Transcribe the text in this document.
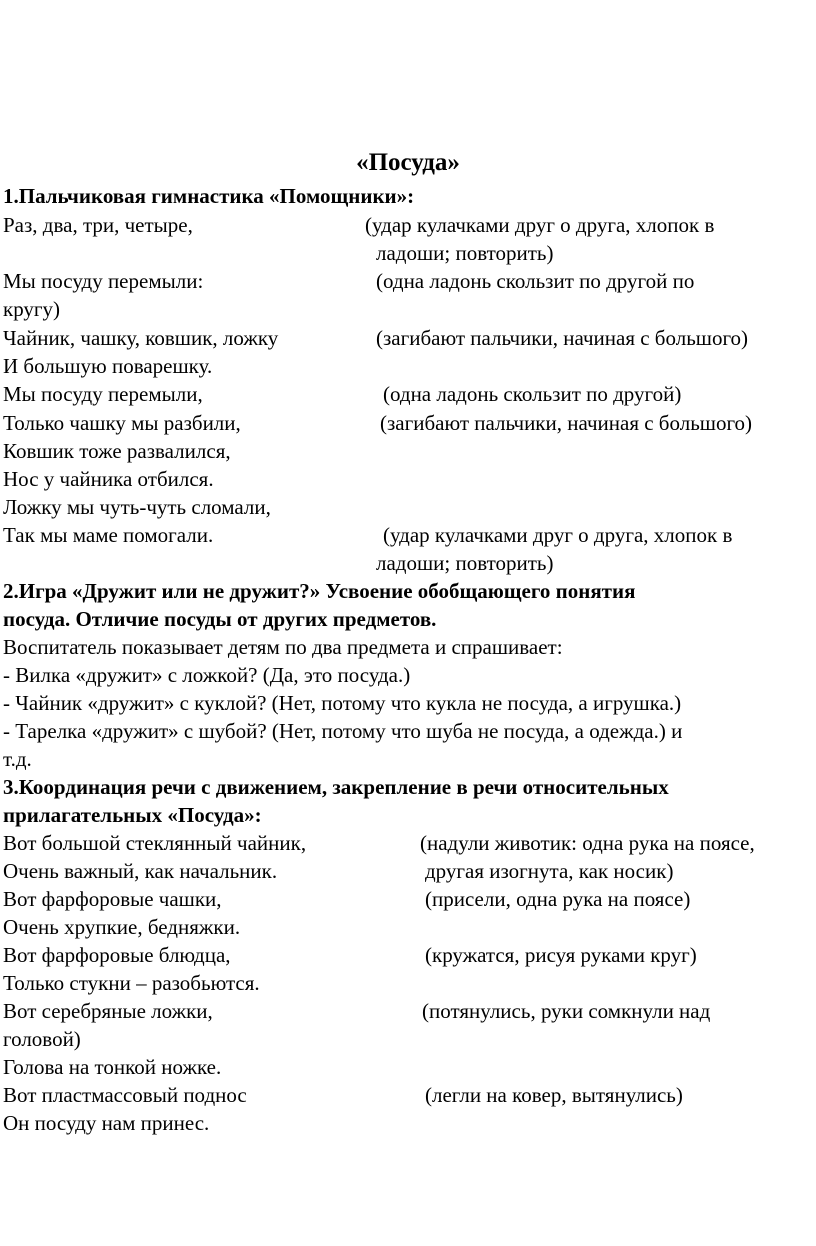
«Посуда»
1.Пальчиковая гимнастика «Помощники»:
Раз, два, три, четыре,	(удар кулачками друг о друга, хлопок в
ладоши; повторить)
Мы посуду перемыли:	(одна ладонь скользит по другой по
кругу)
Чайник, чашку, ковшик, ложку	(загибают пальчики, начиная с большого)
И большую поварешку.
Мы посуду перемыли,	(одна ладонь скользит по другой)
Только чашку мы разбили,	(загибают пальчики, начиная с большого)
Ковшик тоже развалился,
Нос у чайника отбился.
Ложку мы чуть-чуть сломали,
Так мы маме помогали.	(удар кулачками друг о друга, хлопок в
ладоши; повторить)
2.Игра «Дружит или не дружит?» Усвоение обобщающего понятия
посуда. Отличие посуды от других предметов.
Воспитатель показывает детям по два предмета и спрашивает:
- Вилка «дружит» с ложкой? (Да, это посуда.)
- Чайник «дружит» с куклой? (Нет, потому что кукла не посуда, а игрушка.)
- Тарелка «дружит» с шубой? (Нет, потому что шуба не посуда, а одежда.) и
т.д.
3.Координация речи с движением, закрепление в речи относительных
прилагательных «Посуда»:
Вот большой стеклянный чайник,	(надули животик: одна рука на поясе,
Очень важный, как начальник.	другая изогнута, как носик)
Вот фарфоровые чашки,	(присели, одна рука на поясе)
Очень хрупкие, бедняжки.
Вот фарфоровые блюдца,	(кружатся, рисуя руками круг)
Только стукни – разобьются.
Вот серебряные ложки,	(потянулись, руки сомкнули над
головой)
Голова на тонкой ножке.
Вот пластмассовый поднос	(легли на ковер, вытянулись)
Он посуду нам принес.
